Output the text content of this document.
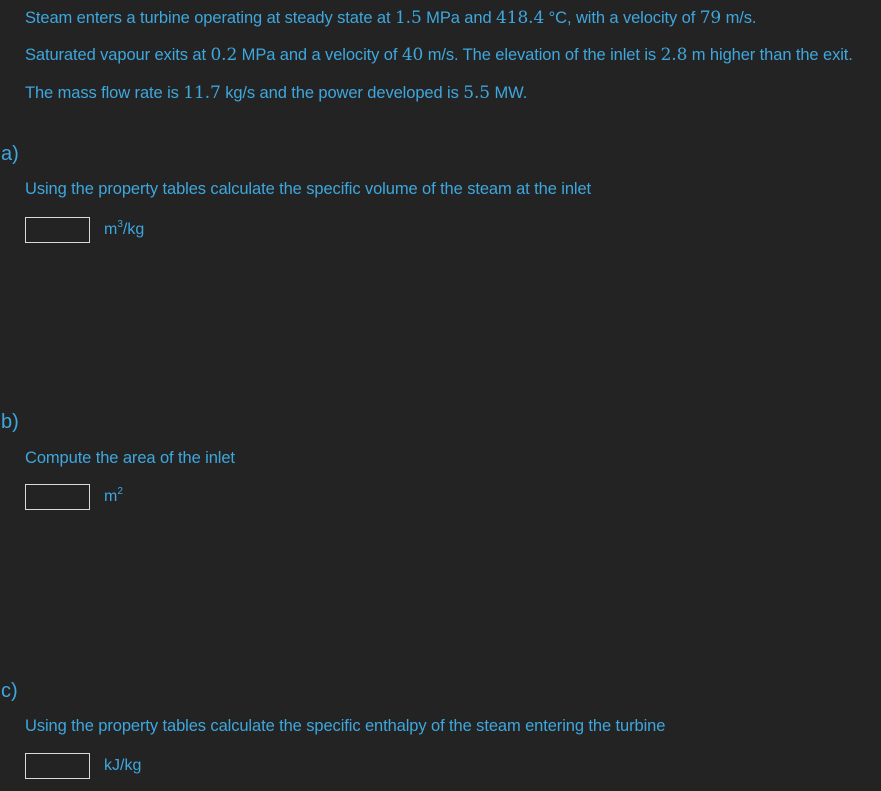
Steam enters a turbine operating at steady state at 1.5 MPa and 418.4 °C, with a velocity of 79 m/s.
Saturated vapour exits at 0.2 MPa and a velocity of 40 m/s. The elevation of the inlet is 2.8 m higher than the exit.
The mass flow rate is 11.7 kg/s and the power developed is 5.5 MW.
a)
Using the property tables calculate the specific volume of the steam at the inlet
$m^3/kg$
b)
Compute the area of the inlet
$m^2$
c)
Using the property tables calculate the specific enthalpy of the steam entering the turbine
kJ/kg
